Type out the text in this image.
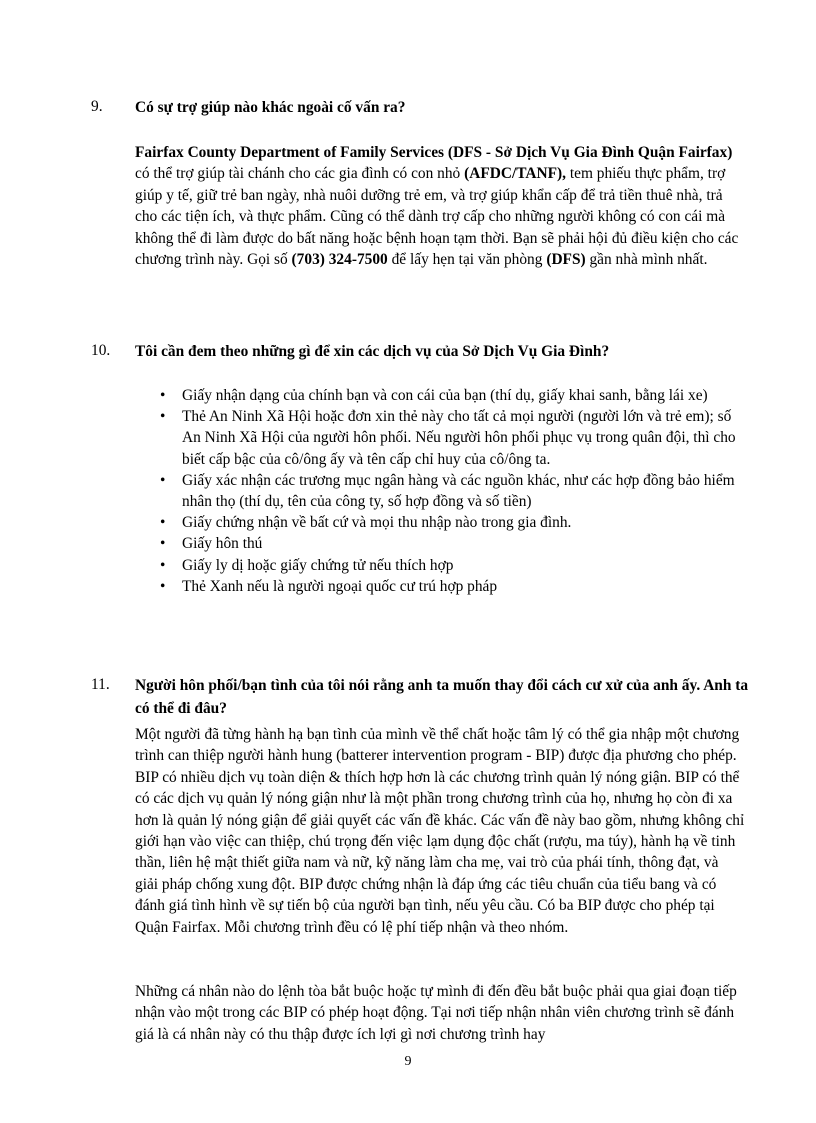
9. Có sự trợ giúp nào khác ngoài cố vấn ra?
Fairfax County Department of Family Services (DFS - Sở Dịch Vụ Gia Đình Quận Fairfax) có thể trợ giúp tài chánh cho các gia đình có con nhỏ (AFDC/TANF), tem phiếu thực phẩm, trợ giúp y tế, giữ trẻ ban ngày, nhà nuôi dưỡng trẻ em, và trợ giúp khẩn cấp để trả tiền thuê nhà, trả cho các tiện ích, và thực phẩm. Cũng có thể dành trợ cấp cho những người không có con cái mà không thể đi làm được do bất năng hoặc bệnh hoạn tạm thời. Bạn sẽ phải hội đủ điều kiện cho các chương trình này. Gọi số (703) 324-7500 để lấy hẹn tại văn phòng (DFS) gần nhà mình nhất.
10. Tôi cần đem theo những gì để xin các dịch vụ của Sở Dịch Vụ Gia Đình?
• Giấy nhận dạng của chính bạn và con cái của bạn (thí dụ, giấy khai sanh, bằng lái xe)
• Thẻ An Ninh Xã Hội hoặc đơn xin thẻ này cho tất cả mọi người (người lớn và trẻ em); số An Ninh Xã Hội của người hôn phối. Nếu người hôn phối phục vụ trong quân đội, thì cho biết cấp bậc của cô/ông ấy và tên cấp chỉ huy của cô/ông ta.
• Giấy xác nhận các trương mục ngân hàng và các nguồn khác, như các hợp đồng bảo hiểm nhân thọ (thí dụ, tên của công ty, số hợp đồng và số tiền)
• Giấy chứng nhận về bất cứ và mọi thu nhập nào trong gia đình.
• Giấy hôn thú
• Giấy ly dị hoặc giấy chứng tử nếu thích hợp
• Thẻ Xanh nếu là người ngoại quốc cư trú hợp pháp
11. Người hôn phối/bạn tình của tôi nói rằng anh ta muốn thay đổi cách cư xử của anh ấy. Anh ta có thể đi đâu?
Một người đã từng hành hạ bạn tình của mình về thể chất hoặc tâm lý có thể gia nhập một chương trình can thiệp người hành hung (batterer intervention program - BIP) được địa phương cho phép. BIP có nhiều dịch vụ toàn diện & thích hợp hơn là các chương trình quản lý nóng giận. BIP có thể có các dịch vụ quản lý nóng giận như là một phần trong chương trình của họ, nhưng họ còn đi xa hơn là quản lý nóng giận để giải quyết các vấn đề khác. Các vấn đề này bao gồm, nhưng không chỉ giới hạn vào việc can thiệp, chú trọng đến việc lạm dụng độc chất (rượu, ma túy), hành hạ về tinh thần, liên hệ mật thiết giữa nam và nữ, kỹ năng làm cha mẹ, vai trò của phái tính, thông đạt, và giải pháp chống xung đột. BIP được chứng nhận là đáp ứng các tiêu chuẩn của tiểu bang và có đánh giá tình hình về sự tiến bộ của người bạn tình, nếu yêu cầu. Có ba BIP được cho phép tại Quận Fairfax. Mỗi chương trình đều có lệ phí tiếp nhận và theo nhóm.
Những cá nhân nào do lệnh tòa bắt buộc hoặc tự mình đi đến đều bắt buộc phải qua giai đoạn tiếp nhận vào một trong các BIP có phép hoạt động. Tại nơi tiếp nhận nhân viên chương trình sẽ đánh giá là cá nhân này có thu thập được ích lợi gì nơi chương trình hay
9
